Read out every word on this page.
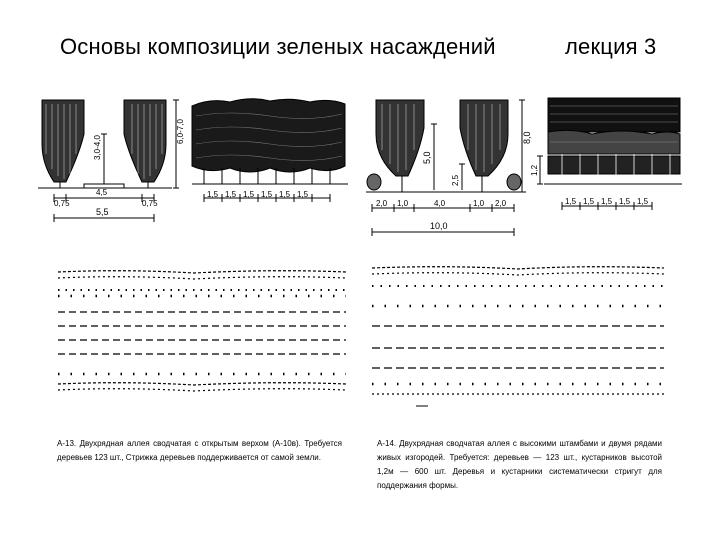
Основы композиции зеленых насаждений	лекция 3
6,0-7,0
3,0-4,0
0,75
4,5
0,75
5,5
1,5 1,5 1,5 1,5 1,5 1,5
8,0
5,0
2,5
2,0 1,0	4,0	1,0 2,0
10,0
1,2
1,5 1,5 1,5 1,5 1,5
А-13. Двухрядная аллея сводчатая с открытым верхом (А-10в). Требуется деревьев 123 шт., Стрижка деревьев поддерживается от самой земли.
А-14. Двухрядная сводчатая аллея с высокими штамбами и двумя рядами живых изгородей. Требуется: деревьев — 123 шт., кустарников высотой 1,2м — 600 шт. Деревья и кустарники систематически стригут для поддержания формы.
